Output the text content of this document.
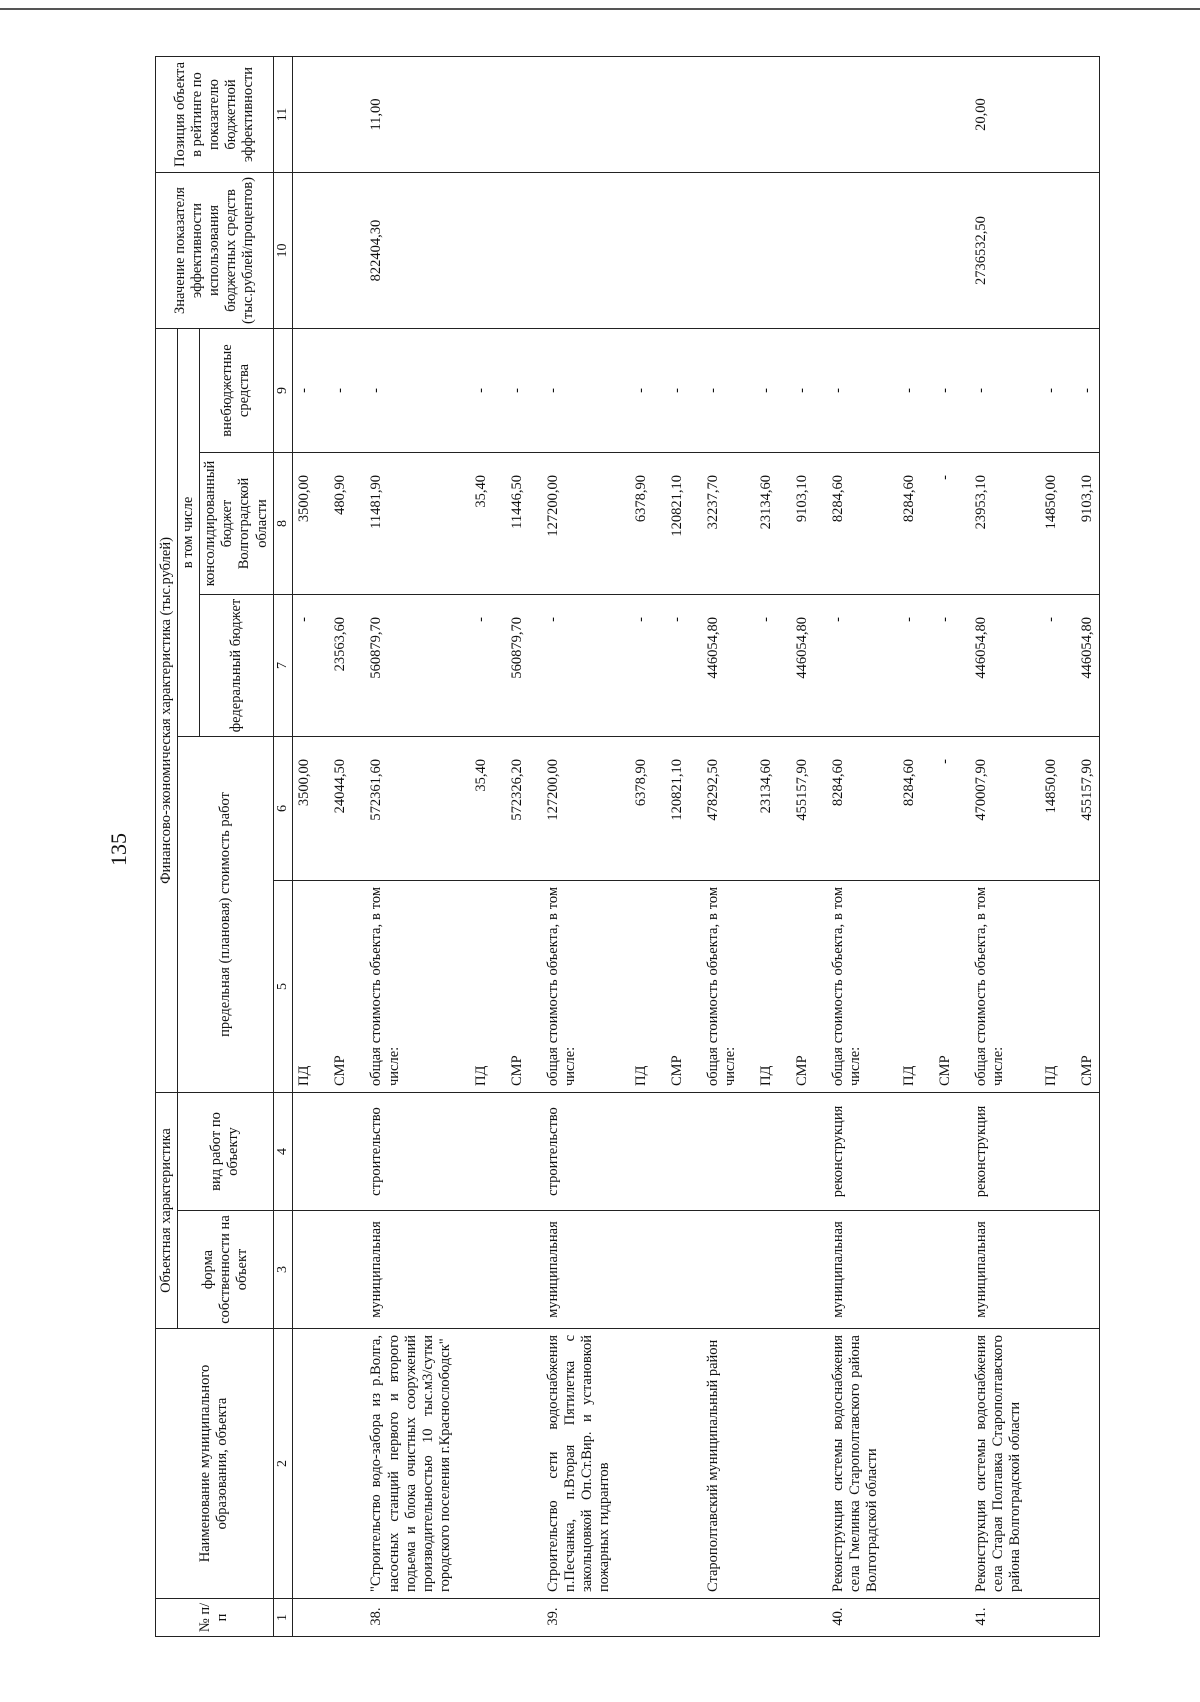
135
№ п/п	Наименование муниципального образования, объекта	Объектная характеристика		Финансово-экономическая характеристика (тыс.рублей)					Значение показателя эффективности использования бюджетных средств (тыс.рублей/процентов)	Позиция объекта в рейтинге по показателю бюджетной эффективности
		форма собственности на объект	вид работ по объекту	предельная (плановая) стоимость работ		в том числе				
						федеральный бюджет	консолидированный бюджет Волгоградской области	внебюджетные средства		
1	2	3	4	5	6	7	8	9	10	11
				ПД	3500,00	-	3500,00	-		
				СМР	24044,50	23563,60	480,90	-		
38.	"Строительство водо-забора из р.Волга, насосных станций первого и второго подьема и блока очистных сооружений производительностью 10 тыс.м3/сутки городского поселения г.Краснослободск"	муниципальная	строительство	общая стоимость объекта, в том числе:	572361,60	560879,70	11481,90	-	822404,30	11,00
				ПД	35,40	-	35,40	-		
				СМР	572326,20	560879,70	11446,50	-		
39.	Строительство сети водоснабжения п.Песчанка, п.Вторая Пятилетка с закольцовкой Оп.Ст.Вир. и установкой пожарных гидрантов	муниципальная	строительство	общая стоимость объекта, в том числе:	127200,00	-	127200,00	-		
				ПД	6378,90	-	6378,90	-		
				СМР	120821,10	-	120821,10	-		
	Старополтавский муниципальный район			общая стоимость объекта, в том числе:	478292,50	446054,80	32237,70	-		
				ПД	23134,60	-	23134,60	-		
				СМР	455157,90	446054,80	9103,10	-		
40.	Реконструкция системы водоснабжения села Гмелинка Старополтавского района Волгоградской области	муниципальная	реконструкция	общая стоимость объекта, в том числе:	8284,60	-	8284,60	-		
				ПД	8284,60	-	8284,60	-		
				СМР	-	-	-	-		
41.	Реконструкция системы водоснабжения села Старая Полтавка Старополтавского района Волгоградской области	муниципальная	реконструкция	общая стоимость объекта, в том числе:	470007,90	446054,80	23953,10	-	2736532,50	20,00
				ПД	14850,00	-	14850,00	-		
				СМР	455157,90	446054,80	9103,10	-		
